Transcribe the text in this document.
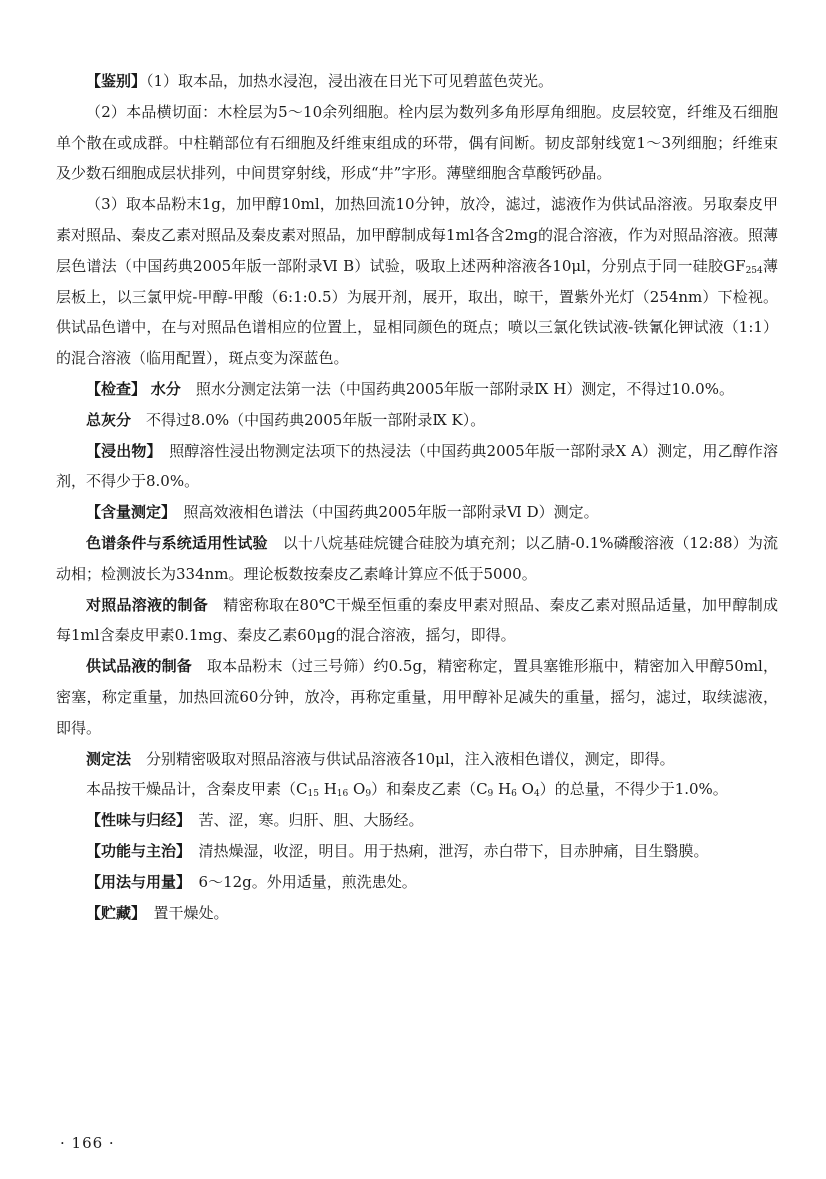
【鉴别】（1）取本品，加热水浸泡，浸出液在日光下可见碧蓝色荧光。

（2）本品横切面：木栓层为5～10余列细胞。栓内层为数列多角形厚角细胞。皮层较宽，纤维及石细胞单个散在或成群。中柱鞘部位有石细胞及纤维束组成的环带，偶有间断。韧皮部射线宽1～3列细胞；纤维束及少数石细胞成层状排列，中间贯穿射线，形成“井”字形。薄壁细胞含草酸钙砂晶。

（3）取本品粉末1g，加甲醇10ml，加热回流10分钟，放冷，滤过，滤液作为供试品溶液。另取秦皮甲素对照品、秦皮乙素对照品及秦皮素对照品，加甲醇制成每1ml各含2mg的混合溶液，作为对照品溶液。照薄层色谱法（中国药典2005年版一部附录Ⅵ B）试验，吸取上述两种溶液各10μl，分别点于同一硅胶$GF_{254}$薄层板上，以三氯甲烷-甲醇-甲酸（6:1:0.5）为展开剂，展开，取出，晾干，置紫外光灯（254nm）下检视。供试品色谱中，在与对照品色谱相应的位置上，显相同颜色的斑点；喷以三氯化铁试液-铁氰化钾试液（1:1）的混合溶液（临用配置），斑点变为深蓝色。

【检查】 水分　 照水分测定法第一法（中国药典2005年版一部附录Ⅸ H）测定，不得过10.0%。

总灰分　 不得过8.0%（中国药典2005年版一部附录Ⅸ K）。

【浸出物】　 照醇溶性浸出物测定法项下的热浸法（中国药典2005年版一部附录Ⅹ A）测定，用乙醇作溶剂，不得少于8.0%。

【含量测定】　 照高效液相色谱法（中国药典2005年版一部附录Ⅵ D）测定。

色谱条件与系统适用性试验　 以十八烷基硅烷键合硅胶为填充剂；以乙腈-0.1%磷酸溶液（12:88）为流动相；检测波长为334nm。理论板数按秦皮乙素峰计算应不低于5000。

对照品溶液的制备　 精密称取在80℃干燥至恒重的秦皮甲素对照品、秦皮乙素对照品适量，加甲醇制成每1ml含秦皮甲素0.1mg、秦皮乙素60μg的混合溶液，摇匀，即得。

供试品液的制备　 取本品粉末（过三号筛）约0.5g，精密称定，置具塞锥形瓶中，精密加入甲醇50ml，密塞，称定重量，加热回流60分钟，放冷，再称定重量，用甲醇补足减失的重量，摇匀，滤过，取续滤液，即得。

测定法　 分别精密吸取对照品溶液与供试品溶液各10μl，注入液相色谱仪，测定，即得。

本品按干燥品计，含秦皮甲素（$C_{15}$ $H_{16}$ $O_9$）和秦皮乙素（$C_9$ $H_6$ $O_4$）的总量，不得少于1.0%。

【性味与归经】　 苦、涩，寒。归肝、胆、大肠经。

【功能与主治】　 清热燥湿，收涩，明目。用于热痢，泄泻，赤白带下，目赤肿痛，目生翳膜。

【用法与用量】　 6～12g。外用适量，煎洗患处。

【贮藏】　 置干燥处。

· 166 ·
